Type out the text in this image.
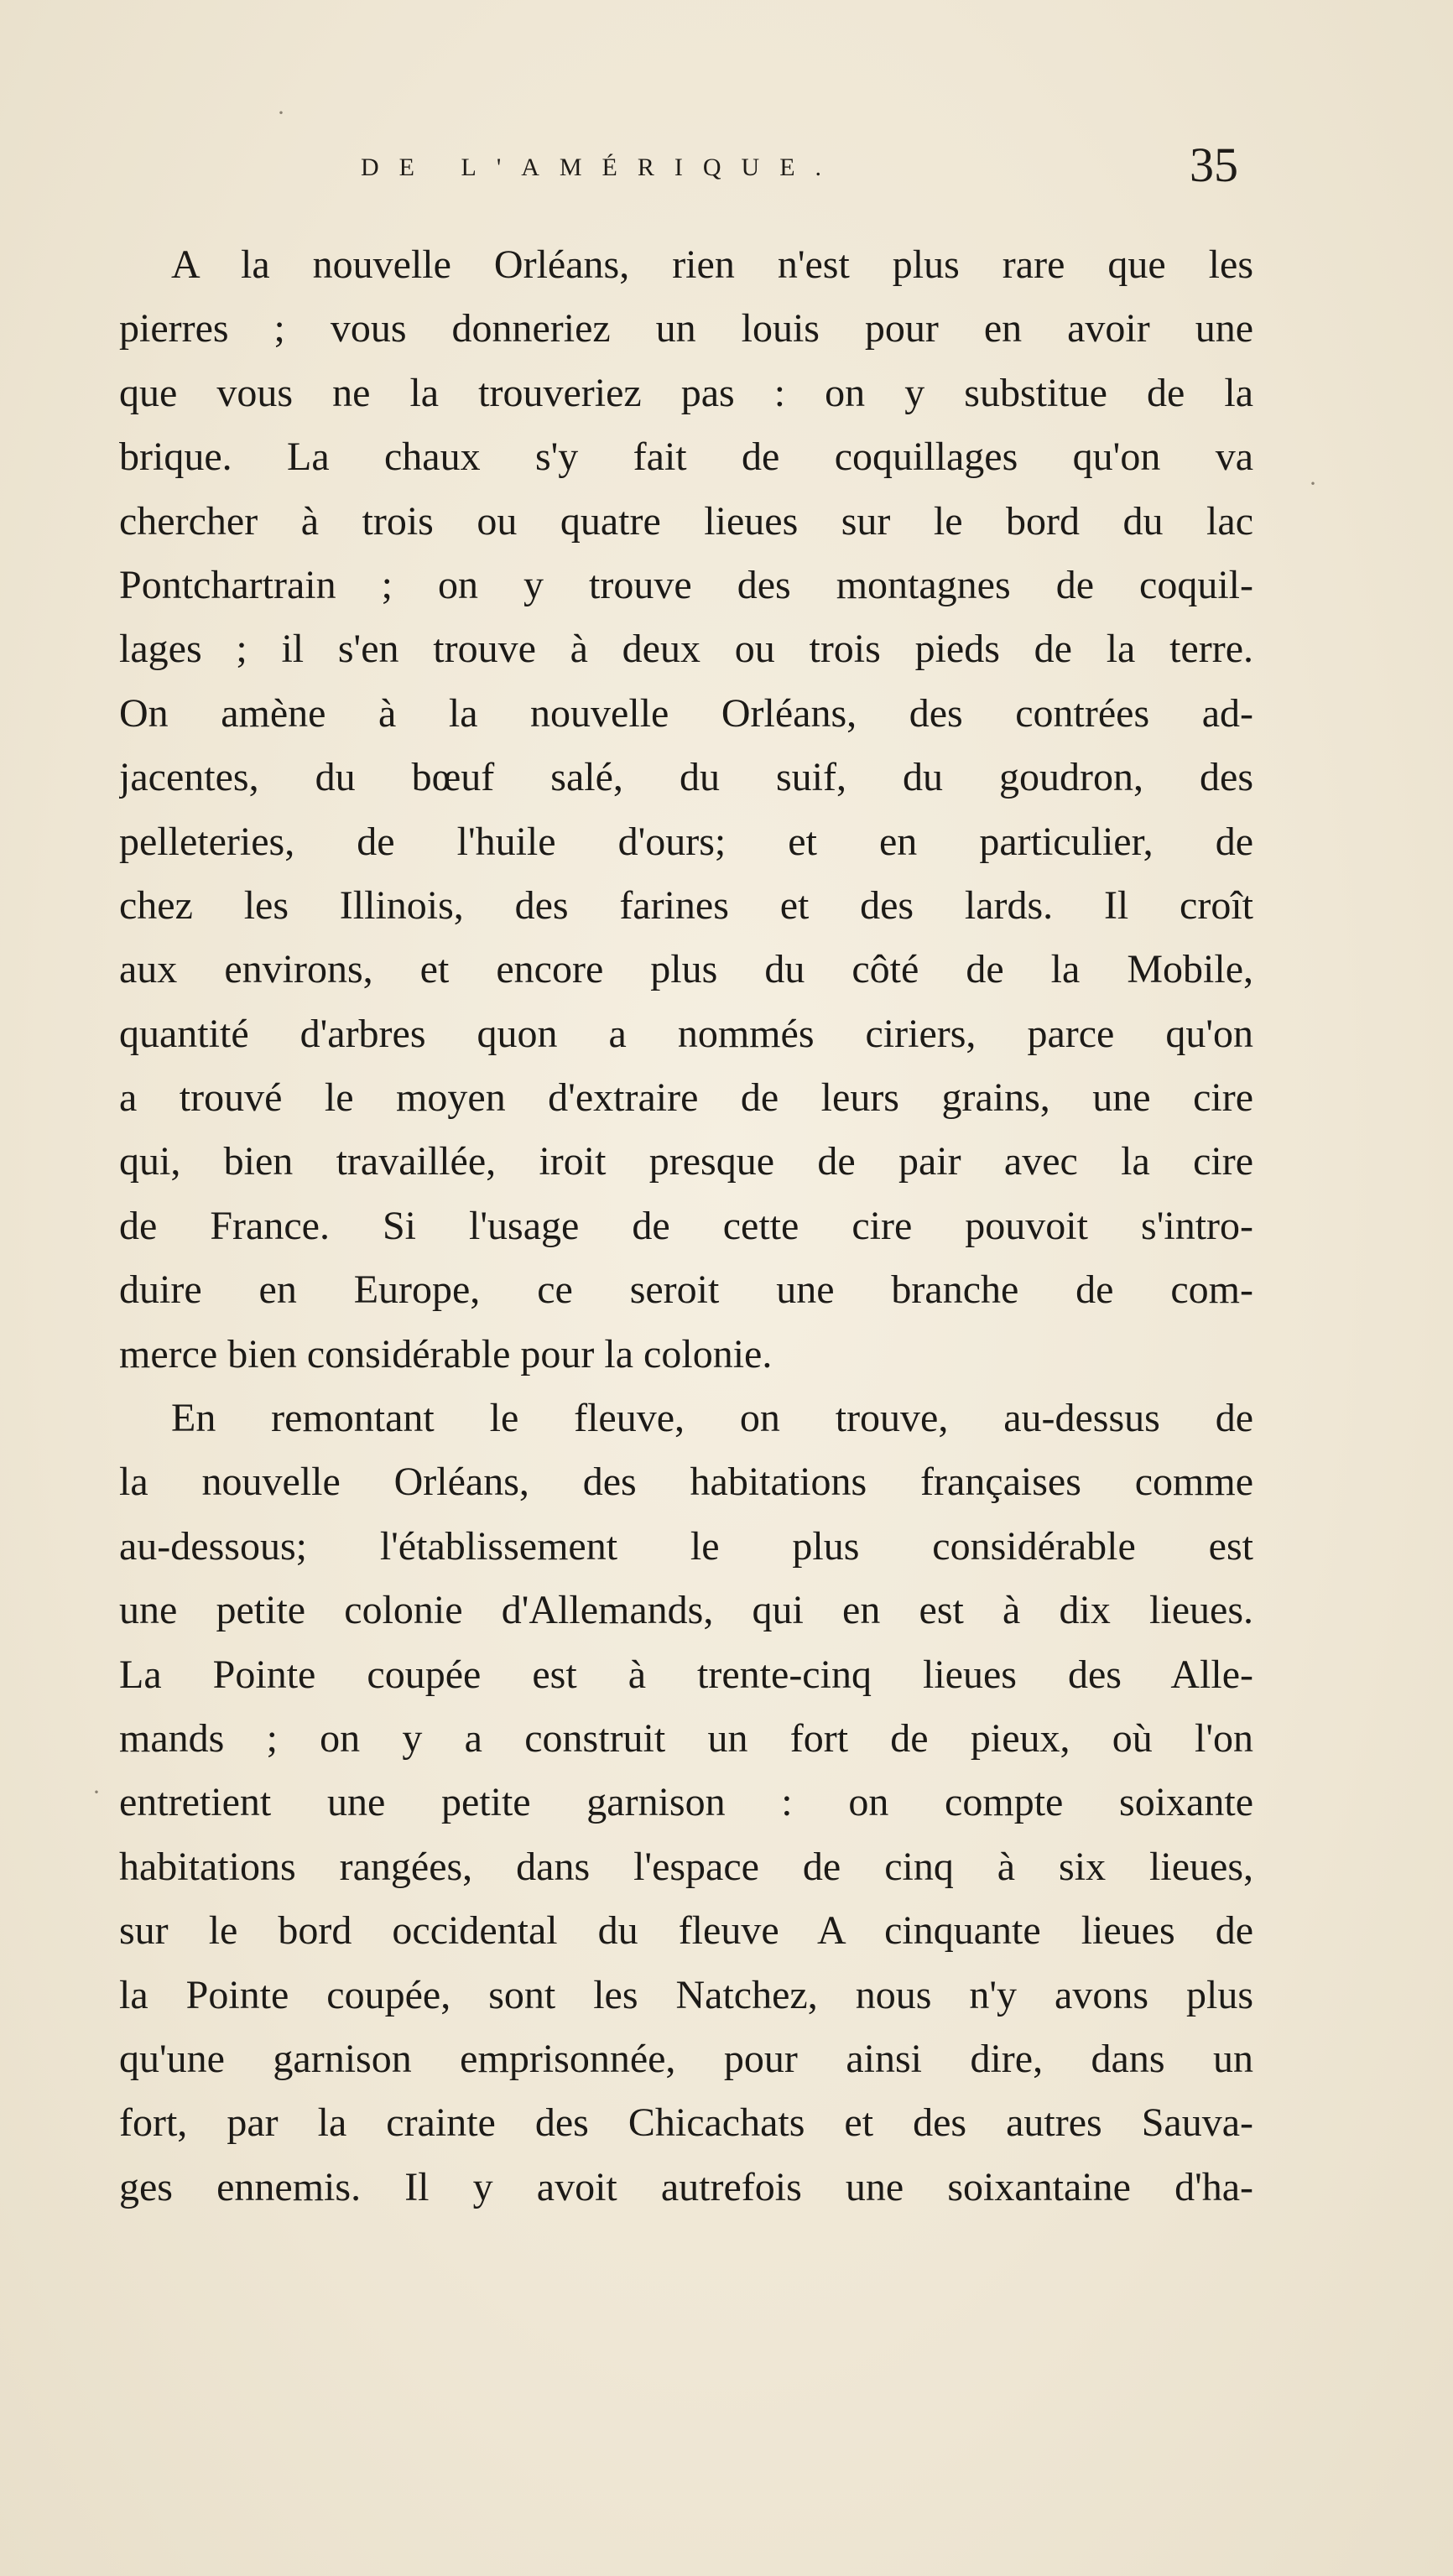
DE L'AMÉRIQUE.	35
·
·
·
A la nouvelle Orléans, rien n'est plus rare que les
pierres ; vous donneriez un louis pour en avoir une
que vous ne la trouveriez pas : on y substitue de la
brique. La chaux s'y fait de coquillages qu'on va
chercher à trois ou quatre lieues sur le bord du lac
Pontchartrain ; on y trouve des montagnes de coquil-
lages ; il s'en trouve à deux ou trois pieds de la terre.
On amène à la nouvelle Orléans, des contrées ad-
jacentes, du bœuf salé, du suif, du goudron, des
pelleteries, de l'huile d'ours; et en particulier, de
chez les Illinois, des farines et des lards. Il croît
aux environs, et encore plus du côté de la Mobile,
quantité d'arbres quon a nommés ciriers, parce qu'on
a trouvé le moyen d'extraire de leurs grains, une cire
qui, bien travaillée, iroit presque de pair avec la cire
de France. Si l'usage de cette cire pouvoit s'intro-
duire en Europe, ce seroit une branche de com-
merce bien considérable pour la colonie.
En remontant le fleuve, on trouve, au-dessus de
la nouvelle Orléans, des habitations françaises comme
au-dessous; l'établissement le plus considérable est
une petite colonie d'Allemands, qui en est à dix lieues.
La Pointe coupée est à trente-cinq lieues des Alle-
mands ; on y a construit un fort de pieux, où l'on
entretient une petite garnison : on compte soixante
habitations rangées, dans l'espace de cinq à six lieues,
sur le bord occidental du fleuve A cinquante lieues de
la Pointe coupée, sont les Natchez, nous n'y avons plus
qu'une garnison emprisonnée, pour ainsi dire, dans un
fort, par la crainte des Chicachats et des autres Sauva-
ges ennemis. Il y avoit autrefois une soixantaine d'ha-
